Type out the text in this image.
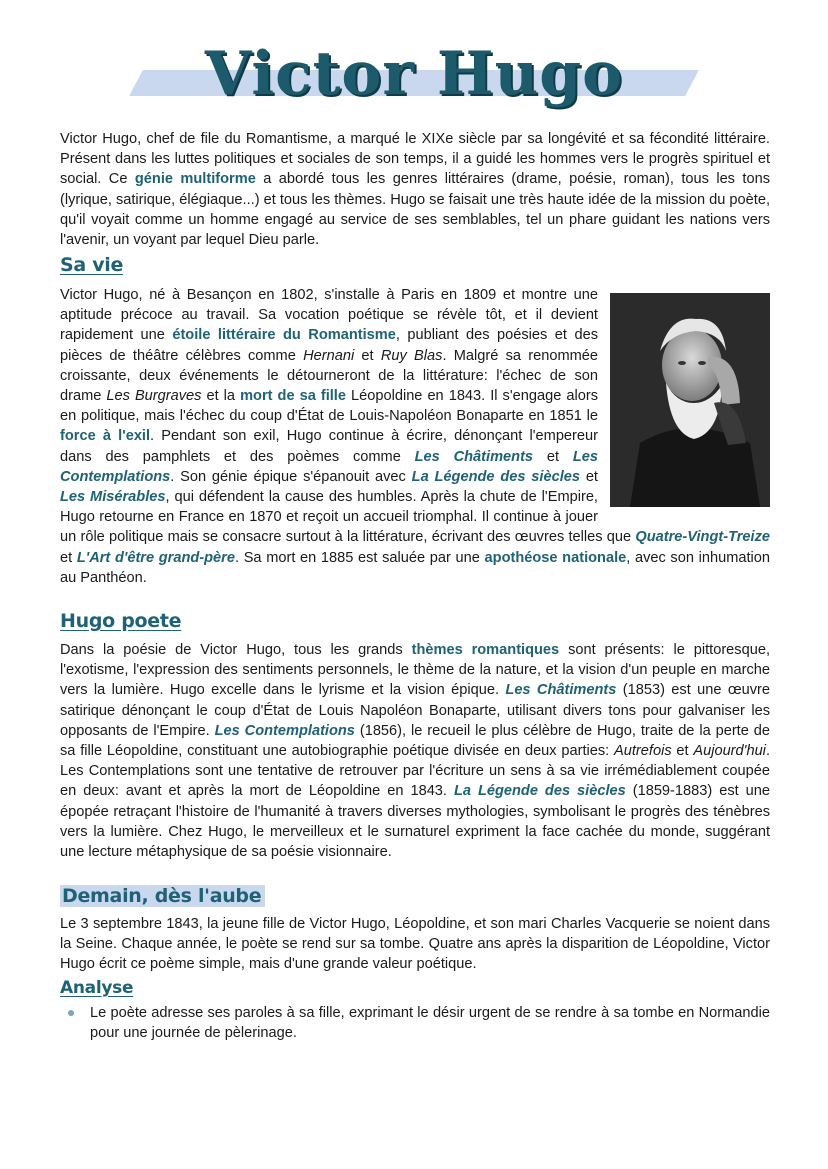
Victor Hugo

Victor Hugo, chef de file du Romantisme, a marqué le XIXe siècle par sa longévité et sa fécondité littéraire. Présent dans les luttes politiques et sociales de son temps, il a guidé les hommes vers le progrès spirituel et social. Ce génie multiforme a abordé tous les genres littéraires (drame, poésie, roman), tous les tons (lyrique, satirique, élégiaque...) et tous les thèmes. Hugo se faisait une très haute idée de la mission du poète, qu'il voyait comme un homme engagé au service de ses semblables, tel un phare guidant les nations vers l'avenir, un voyant par lequel Dieu parle.

Sa vie

Victor Hugo, né à Besançon en 1802, s'installe à Paris en 1809 et montre une aptitude précoce au travail. Sa vocation poétique se révèle tôt, et il devient rapidement une étoile littéraire du Romantisme, publiant des poésies et des pièces de théâtre célèbres comme Hernani et Ruy Blas. Malgré sa renommée croissante, deux événements le détourneront de la littérature: l'échec de son drame Les Burgraves et la mort de sa fille Léopoldine en 1843. Il s'engage alors en politique, mais l'échec du coup d'État de Louis-Napoléon Bonaparte en 1851 le force à l'exil. Pendant son exil, Hugo continue à écrire, dénonçant l'empereur dans des pamphlets et des poèmes comme Les Châtiments et Les Contemplations. Son génie épique s'épanouit avec La Légende des siècles et Les Misérables, qui défendent la cause des humbles. Après la chute de l'Empire, Hugo retourne en France en 1870 et reçoit un accueil triomphal. Il continue à jouer un rôle politique mais se consacre surtout à la littérature, écrivant des œuvres telles que Quatre-Vingt-Treize et L'Art d'être grand-père. Sa mort en 1885 est saluée par une apothéose nationale, avec son inhumation au Panthéon.

Hugo poete

Dans la poésie de Victor Hugo, tous les grands thèmes romantiques sont présents: le pittoresque, l'exotisme, l'expression des sentiments personnels, le thème de la nature, et la vision d'un peuple en marche vers la lumière. Hugo excelle dans le lyrisme et la vision épique. Les Châtiments (1853) est une œuvre satirique dénonçant le coup d'État de Louis Napoléon Bonaparte, utilisant divers tons pour galvaniser les opposants de l'Empire. Les Contemplations (1856), le recueil le plus célèbre de Hugo, traite de la perte de sa fille Léopoldine, constituant une autobiographie poétique divisée en deux parties: Autrefois et Aujourd'hui. Les Contemplations sont une tentative de retrouver par l'écriture un sens à sa vie irrémédiablement coupée en deux: avant et après la mort de Léopoldine en 1843. La Légende des siècles (1859-1883) est une épopée retraçant l'histoire de l'humanité à travers diverses mythologies, symbolisant le progrès des ténèbres vers la lumière. Chez Hugo, le merveilleux et le surnaturel expriment la face cachée du monde, suggérant une lecture métaphysique de sa poésie visionnaire.

Demain, dès l'aube

Le 3 septembre 1843, la jeune fille de Victor Hugo, Léopoldine, et son mari Charles Vacquerie se noient dans la Seine. Chaque année, le poète se rend sur sa tombe. Quatre ans après la disparition de Léopoldine, Victor Hugo écrit ce poème simple, mais d'une grande valeur poétique.

Analyse
Le poète adresse ses paroles à sa fille, exprimant le désir urgent de se rendre à sa tombe en Normandie pour une journée de pèlerinage.
